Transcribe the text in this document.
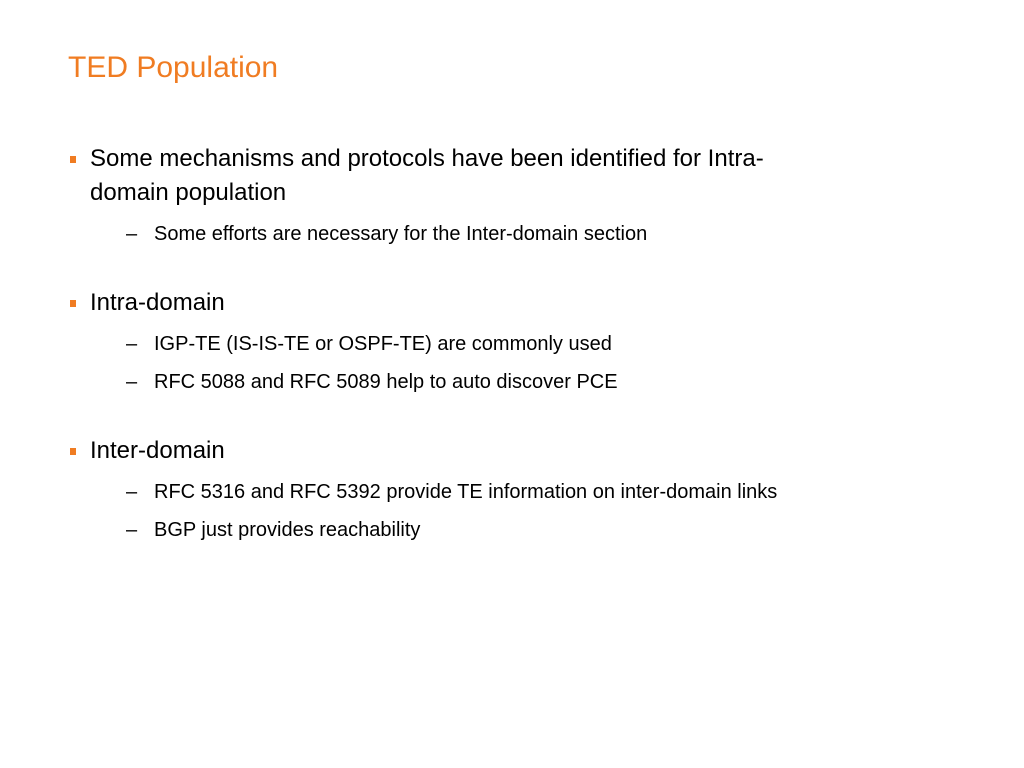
TED Population
Some mechanisms and protocols have been identified for Intra-
domain population
– Some efforts are necessary for the Inter-domain section
Intra-domain
– IGP-TE (IS-IS-TE or OSPF-TE) are commonly used
– RFC 5088 and RFC 5089 help to auto discover PCE
Inter-domain
– RFC 5316 and RFC 5392 provide TE information on inter-domain links
– BGP just provides reachability
